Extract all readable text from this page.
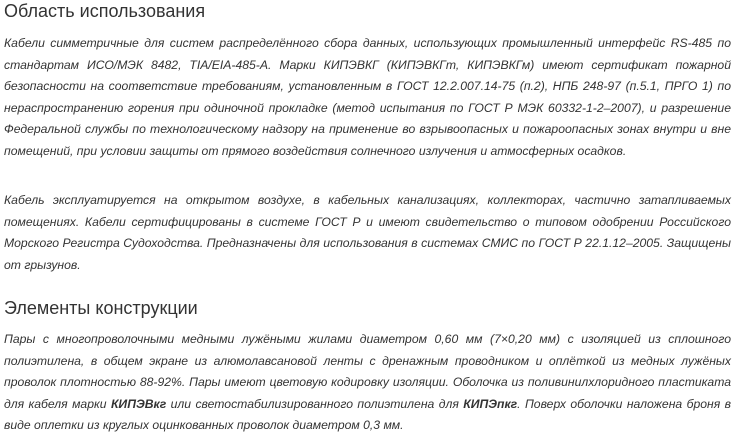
Область использования

Кабели симметричные для систем распределённого сбора данных, использующих промышленный интерфейс RS-485 по стандартам ИСО/МЭК 8482, TIA/EIA-485-A. Марки КИПЭВКГ (КИПЭВКГт, КИПЭВКГм) имеют сертификат пожарной безопасности на соответствие требованиям, установленным в ГОСТ 12.2.007.14-75 (п.2), НПБ 248-97 (п.5.1, ПРГО 1) по нераспространению горения при одиночной прокладке (метод испытания по ГОСТ Р МЭК 60332-1-2–2007), и разрешение Федеральной службы по технологическому надзору на применение во взрывоопасных и пожароопасных зонах внутри и вне помещений, при условии защиты от прямого воздействия солнечного излучения и атмосферных осадков.

Кабель эксплуатируется на открытом воздухе, в кабельных канализациях, коллекторах, частично затапливаемых помещениях. Кабели сертифицированы в системе ГОСТ Р и имеют свидетельство о типовом одобрении Российского Морского Регистра Судоходства. Предназначены для использования в системах СМИС по ГОСТ Р 22.1.12–2005. Защищены от грызунов.

Элементы конструкции

Пары с многопроволочными медными лужёными жилами диаметром 0,60 мм (7×0,20 мм) с изоляцией из сплошного полиэтилена, в общем экране из алюмолавсановой ленты с дренажным проводником и оплёткой из медных лужёных проволок плотностью 88-92%. Пары имеют цветовую кодировку изоляции. Оболочка из поливинилхлоридного пластиката для кабеля марки КИПЭВкг или светостабилизированного полиэтилена для КИПЭпкг. Поверх оболочки наложена броня в виде оплетки из круглых оцинкованных проволок диаметром 0,3 мм.
